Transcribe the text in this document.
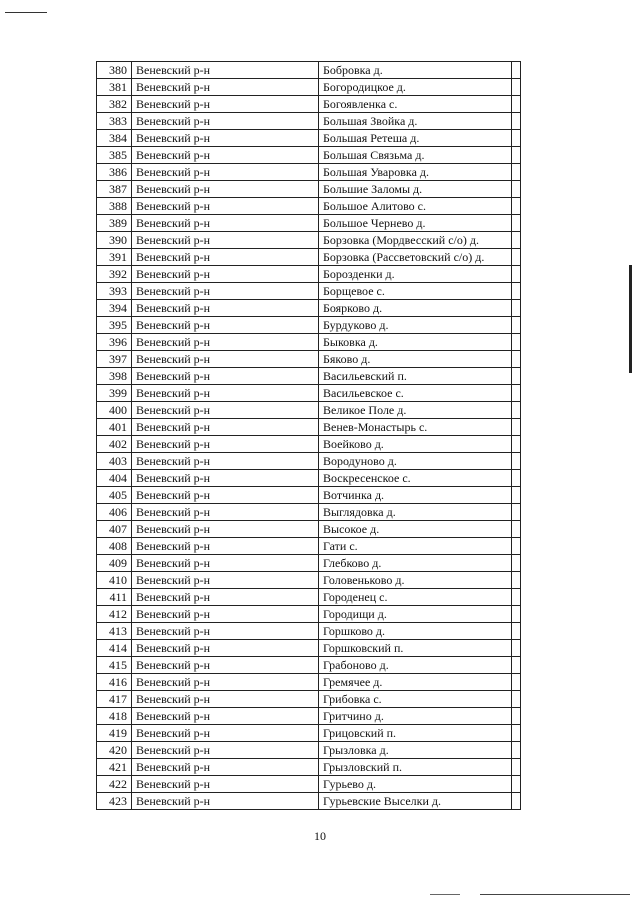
380	Веневский р-н	Бобровка д.	
381	Веневский р-н	Богородицкое д.	
382	Веневский р-н	Богоявленка с.	
383	Веневский р-н	Большая Звойка д.	
384	Веневский р-н	Большая Ретеша д.	
385	Веневский р-н	Большая Связьма д.	
386	Веневский р-н	Большая Уваровка д.	
387	Веневский р-н	Большие Заломы д.	
388	Веневский р-н	Большое Алитово с.	
389	Веневский р-н	Большое Чернево д.	
390	Веневский р-н	Борзовка (Мордвесский с/о) д.	
391	Веневский р-н	Борзовка (Рассветовский с/о) д.	
392	Веневский р-н	Борозденки д.	
393	Веневский р-н	Борщевое с.	
394	Веневский р-н	Боярково д.	
395	Веневский р-н	Бурдуково д.	
396	Веневский р-н	Быковка д.	
397	Веневский р-н	Бяково д.	
398	Веневский р-н	Васильевский п.	
399	Веневский р-н	Васильевское с.	
400	Веневский р-н	Великое Поле д.	
401	Веневский р-н	Венев-Монастырь с.	
402	Веневский р-н	Воейково д.	
403	Веневский р-н	Вородуново д.	
404	Веневский р-н	Воскресенское с.	
405	Веневский р-н	Вотчинка д.	
406	Веневский р-н	Выглядовка д.	
407	Веневский р-н	Высокое д.	
408	Веневский р-н	Гати с.	
409	Веневский р-н	Глебково д.	
410	Веневский р-н	Головеньково д.	
411	Веневский р-н	Городенец с.	
412	Веневский р-н	Городищи д.	
413	Веневский р-н	Горшково д.	
414	Веневский р-н	Горшковский п.	
415	Веневский р-н	Грабоново д.	
416	Веневский р-н	Гремячее д.	
417	Веневский р-н	Грибовка с.	
418	Веневский р-н	Гритчино д.	
419	Веневский р-н	Грицовский п.	
420	Веневский р-н	Грызловка д.	
421	Веневский р-н	Грызловский п.	
422	Веневский р-н	Гурьево д.	
423	Веневский р-н	Гурьевские Выселки д.	
10
